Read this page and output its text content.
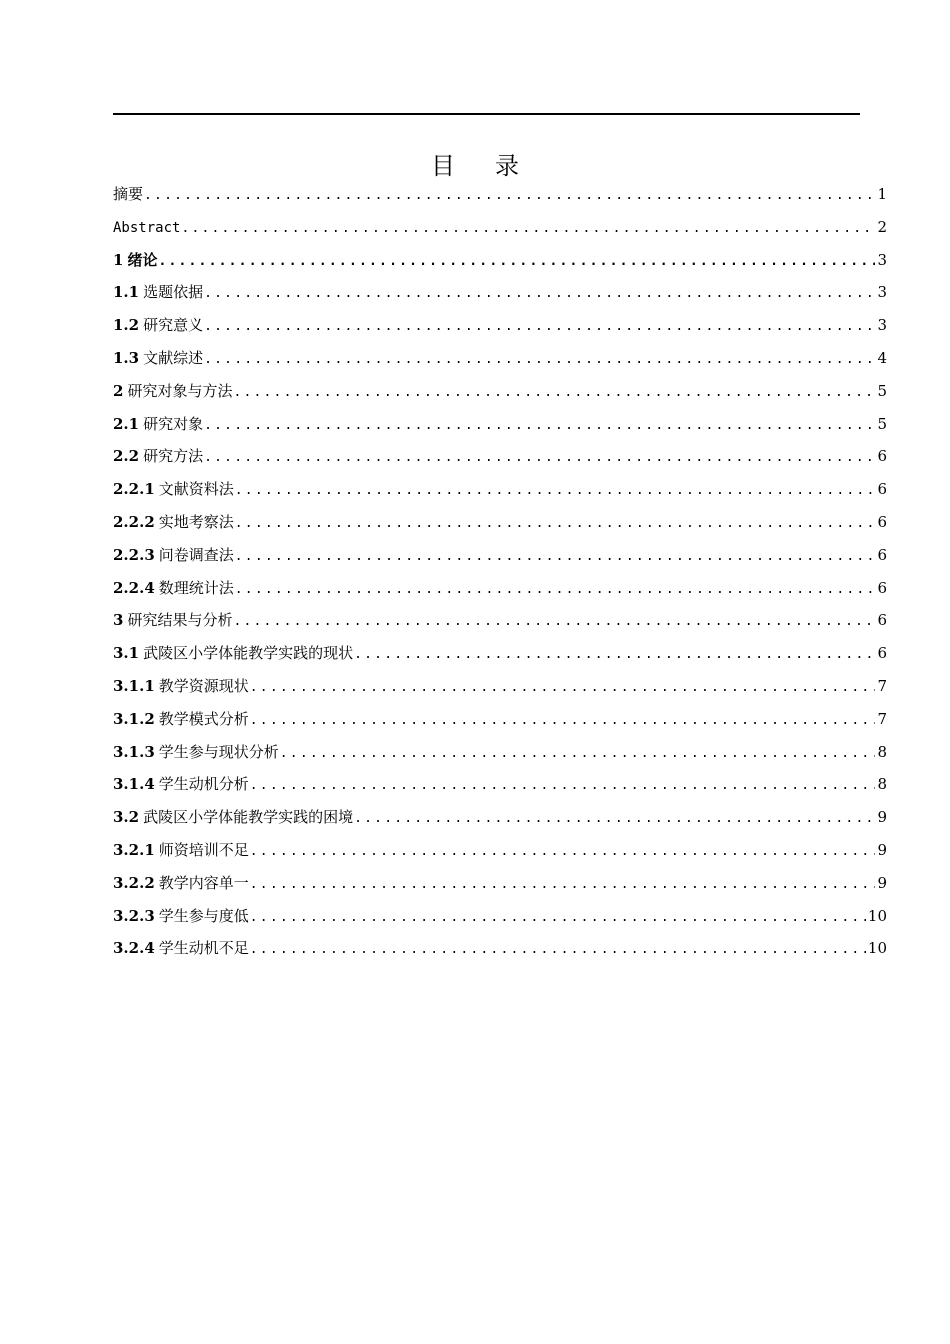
目录
摘要 .....	1
Abstract .....	2
1 绪论 .....	3
1.1 选题依据 .....	3
1.2 研究意义 .....	3
1.3 文献综述 .....	4
2 研究对象与方法 .....	5
2.1 研究对象 .....	5
2.2 研究方法 .....	6
2.2.1 文献资料法 .....	6
2.2.2 实地考察法 .....	6
2.2.3 问卷调查法 .....	6
2.2.4 数理统计法 .....	6
3 研究结果与分析 .....	6
3.1 武陵区小学体能教学实践的现状 .....	6
3.1.1 教学资源现状 .....	7
3.1.2 教学模式分析 .....	7
3.1.3 学生参与现状分析 .....	8
3.1.4 学生动机分析 .....	8
3.2 武陵区小学体能教学实践的困境 .....	9
3.2.1 师资培训不足 .....	9
3.2.2 教学内容单一 .....	9
3.2.3 学生参与度低 .....	10
3.2.4 学生动机不足 .....	10
